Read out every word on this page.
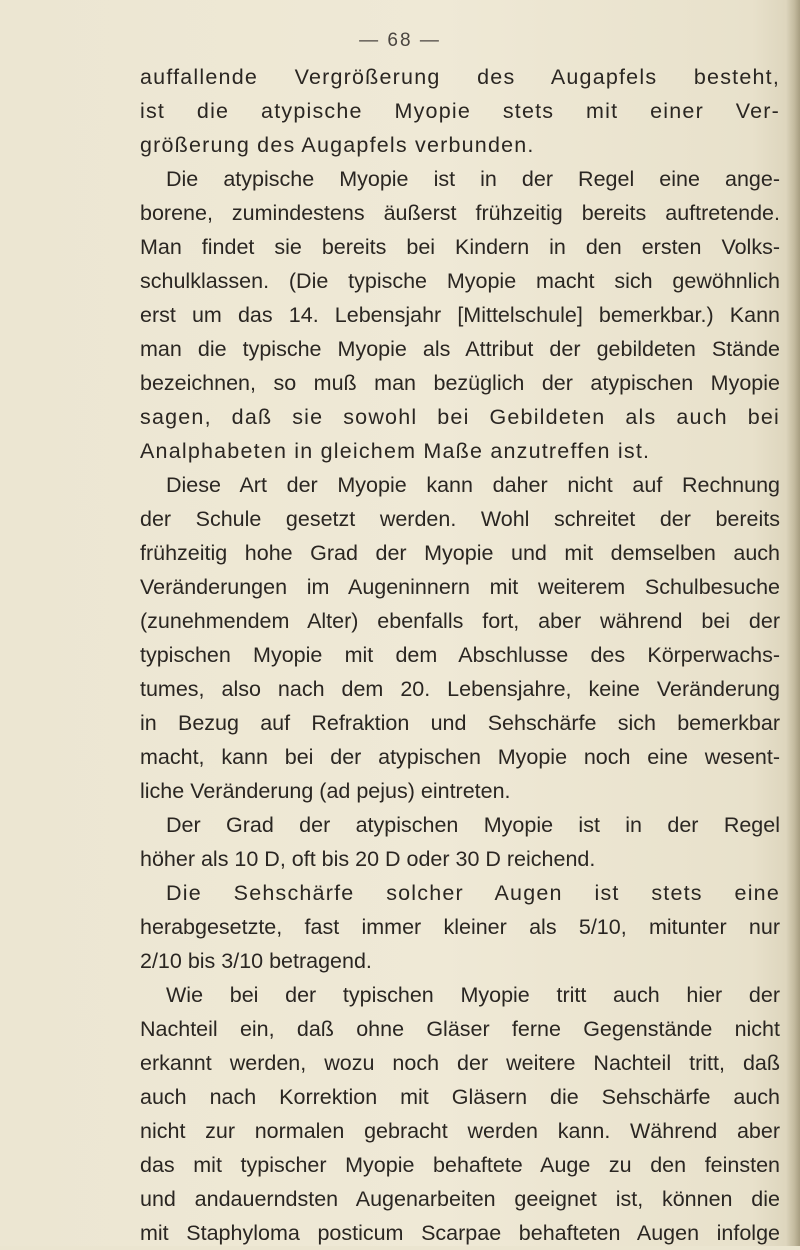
— 68 —
auffallende Vergrößerung des Augapfels besteht,
ist die atypische Myopie stets mit einer Ver-
größerung des Augapfels verbunden.
Die atypische Myopie ist in der Regel eine ange-
borene, zumindestens äußerst frühzeitig bereits auftretende.
Man findet sie bereits bei Kindern in den ersten Volks-
schulklassen. (Die typische Myopie macht sich gewöhnlich
erst um das 14. Lebensjahr [Mittelschule] bemerkbar.) Kann
man die typische Myopie als Attribut der gebildeten Stände
bezeichnen, so muß man bezüglich der atypischen Myopie
sagen, daß sie sowohl bei Gebildeten als auch bei
Analphabeten in gleichem Maße anzutreffen ist.
Diese Art der Myopie kann daher nicht auf Rechnung
der Schule gesetzt werden. Wohl schreitet der bereits
frühzeitig hohe Grad der Myopie und mit demselben auch
Veränderungen im Augeninnern mit weiterem Schulbesuche
(zunehmendem Alter) ebenfalls fort, aber während bei der
typischen Myopie mit dem Abschlusse des Körperwachs-
tumes, also nach dem 20. Lebensjahre, keine Veränderung
in Bezug auf Refraktion und Sehschärfe sich bemerkbar
macht, kann bei der atypischen Myopie noch eine wesent-
liche Veränderung (ad pejus) eintreten.
Der Grad der atypischen Myopie ist in der Regel
höher als 10 D, oft bis 20 D oder 30 D reichend.
Die Sehschärfe solcher Augen ist stets eine
herabgesetzte, fast immer kleiner als 5/10, mitunter nur
2/10 bis 3/10 betragend.
Wie bei der typischen Myopie tritt auch hier der
Nachteil ein, daß ohne Gläser ferne Gegenstände nicht
erkannt werden, wozu noch der weitere Nachteil tritt, daß
auch nach Korrektion mit Gläsern die Sehschärfe auch
nicht zur normalen gebracht werden kann. Während aber
das mit typischer Myopie behaftete Auge zu den feinsten
und andauerndsten Augenarbeiten geeignet ist, können die
mit Staphyloma posticum Scarpae behafteten Augen infolge
